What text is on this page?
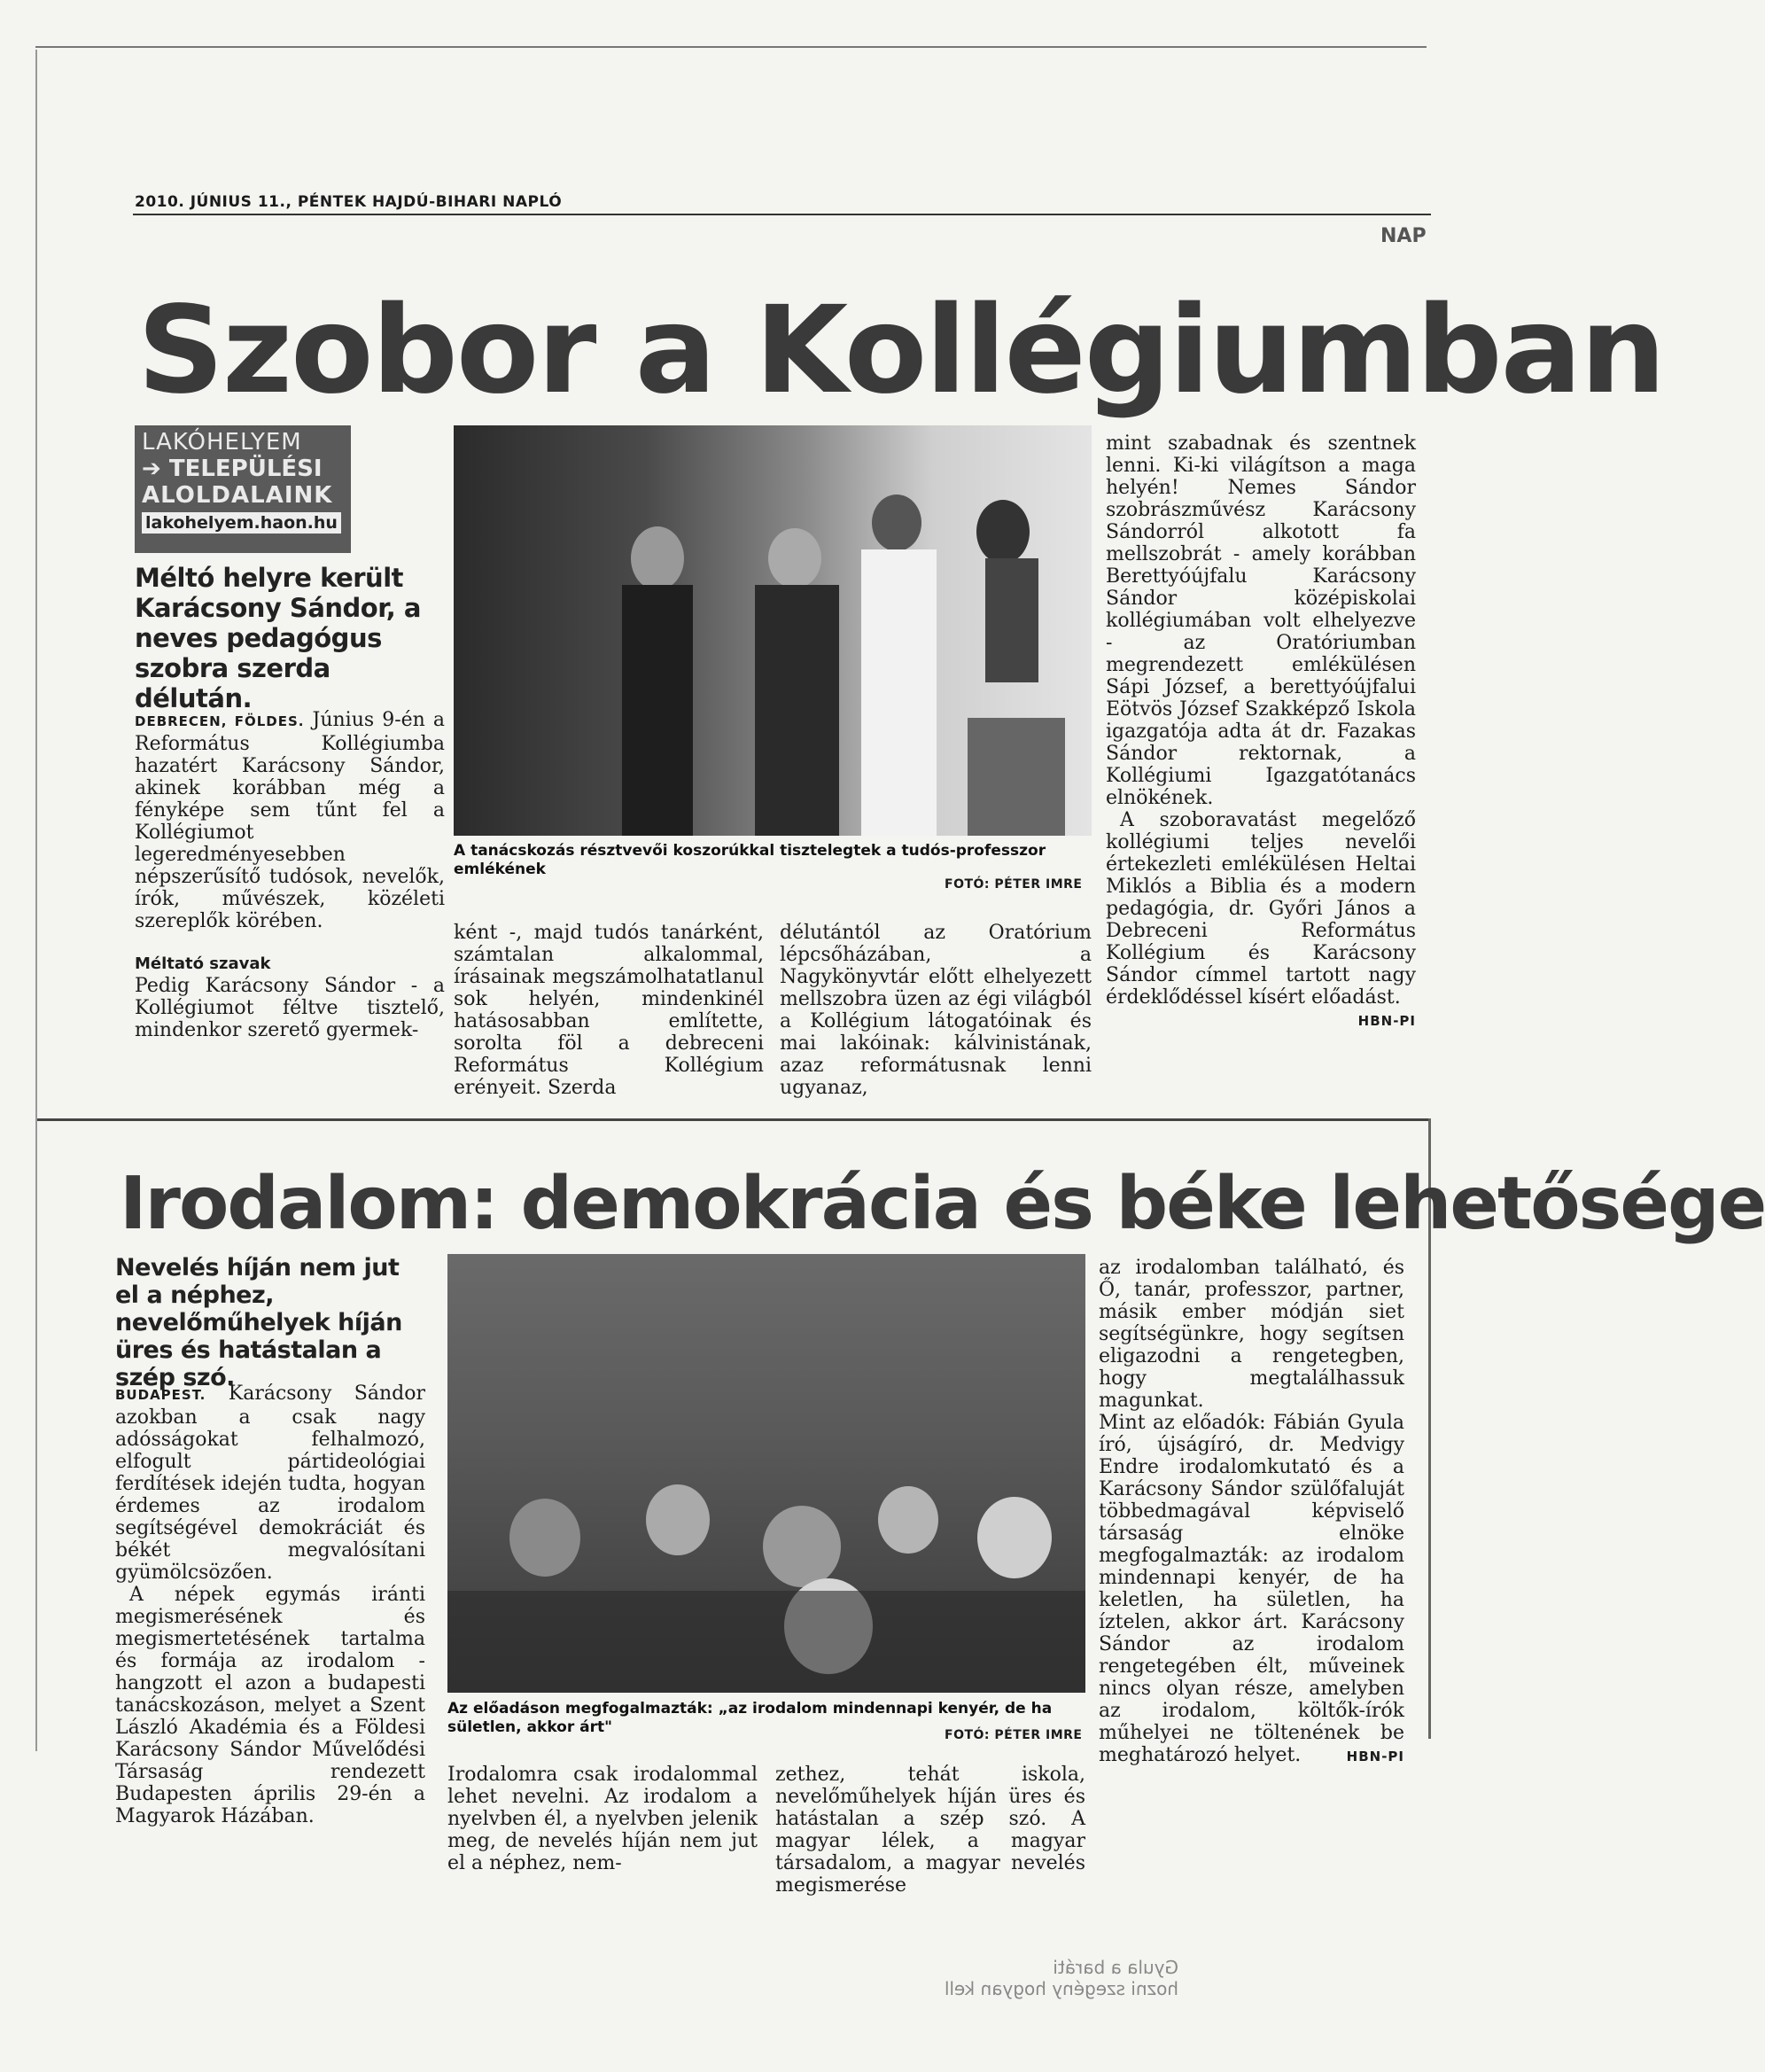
2010. JÚNIUS 11., PÉNTEK HAJDÚ-BIHARI NAPLÓ
NAP
Szobor a Kollégiumban
LAKÓHELYEM
➔ TELEPÜLÉSI
ALOLDALAINK
lakohelyem.haon.hu
Méltó helyre került Karácsony Sándor, a neves pedagógus szobra szerda délután.

DEBRECEN, FÖLDES. Június 9-én a Református Kollégiumba hazatért Karácsony Sándor, akinek korábban még a fényképe sem tűnt fel a Kollégiumot legeredményesebben népszerűsítő tudósok, nevelők, írók, művészek, közéleti szereplők körében.

Méltató szavak

Pedig Karácsony Sándor - a Kollégiumot féltve tisztelő, mindenkor szerető gyermek-

A tanácskozás résztvevői koszorúkkal tisztelegtek a tudós-professzor emlékének
FOTÓ: PÉTER IMRE
ként -, majd tudós tanárként, számtalan alkalommal, írásainak megszámolhatatlanul sok helyén, mindenkinél hatásosabban említette, sorolta föl a debreceni Református Kollégium erényeit. Szerda
délutántól az Oratórium lépcsőházában, a Nagykönyvtár előtt elhelyezett mellszobra üzen az égi világból a Kollégium látogatóinak és mai lakóinak: kálvinistának, azaz reformátusnak lenni ugyanaz,

mint szabadnak és szentnek lenni. Ki-ki világítson a maga helyén! Nemes Sándor szobrászművész Karácsony Sándorról alkotott fa mellszobrát - amely korábban Berettyóújfalu Karácsony Sándor középiskolai kollégiumában volt elhelyezve - az Oratóriumban megrendezett emlékülésen Sápi József, a berettyóújfalui Eötvös József Szakképző Iskola igazgatója adta át dr. Fazakas Sándor rektornak, a Kollégiumi Igazgatótanács elnökének.

A szoboravatást megelőző kollégiumi teljes nevelői értekezleti emlékülésen Heltai Miklós a Biblia és a modern pedagógia, dr. Győri János a Debreceni Református Kollégium és Karácsony Sándor címmel tartott nagy érdeklődéssel kísért előadást.

HBN-PI

Irodalom: demokrácia és béke lehetősége
Nevelés híján nem jut el a néphez, nevelőműhelyek híján üres és hatástalan a szép szó.

BUDAPEST. Karácsony Sándor azokban a csak nagy adósságokat felhalmozó, elfogult pártideológiai ferdítések idején tudta, hogyan érdemes az irodalom segítségével demokráciát és békét megvalósítani gyümölcsözően.

A népek egymás iránti megismerésének és megismertetésének tartalma és formája az irodalom - hangzott el azon a budapesti tanácskozáson, melyet a Szent László Akadémia és a Földesi Karácsony Sándor Művelődési Társaság rendezett Budapesten április 29-én a Magyarok Házában.

Az előadáson megfogalmazták: „az irodalom mindennapi kenyér, de ha sületlen, akkor árt"	FOTÓ: PÉTER IMRE
Irodalomra csak irodalommal lehet nevelni. Az irodalom a nyelvben él, a nyelvben jelenik meg, de nevelés híján nem jut el a néphez, nem-
zethez, tehát iskola, nevelőműhelyek híján üres és hatástalan a szép szó. A magyar lélek, a magyar társadalom, a magyar nevelés megismerése

az irodalomban található, és Ő, tanár, professzor, partner, másik ember módján siet segítségünkre, hogy segítsen eligazodni a rengetegben, hogy megtalálhassuk magunkat.

Mint az előadók: Fábián Gyula író, újságíró, dr. Medvigy Endre irodalomkutató és a Karácsony Sándor szülőfaluját többedmagával képviselő társaság elnöke megfogalmazták: az irodalom mindennapi kenyér, de ha keletlen, ha sületlen, ha íztelen, akkor árt. Karácsony Sándor az irodalom rengetegében élt, műveinek nincs olyan része, amelyben az irodalom, költők-írók műhelyei ne töltenének be meghatározó helyet.	HBN-PI

Gyula a baráti
hozni szegény hogyan kell
